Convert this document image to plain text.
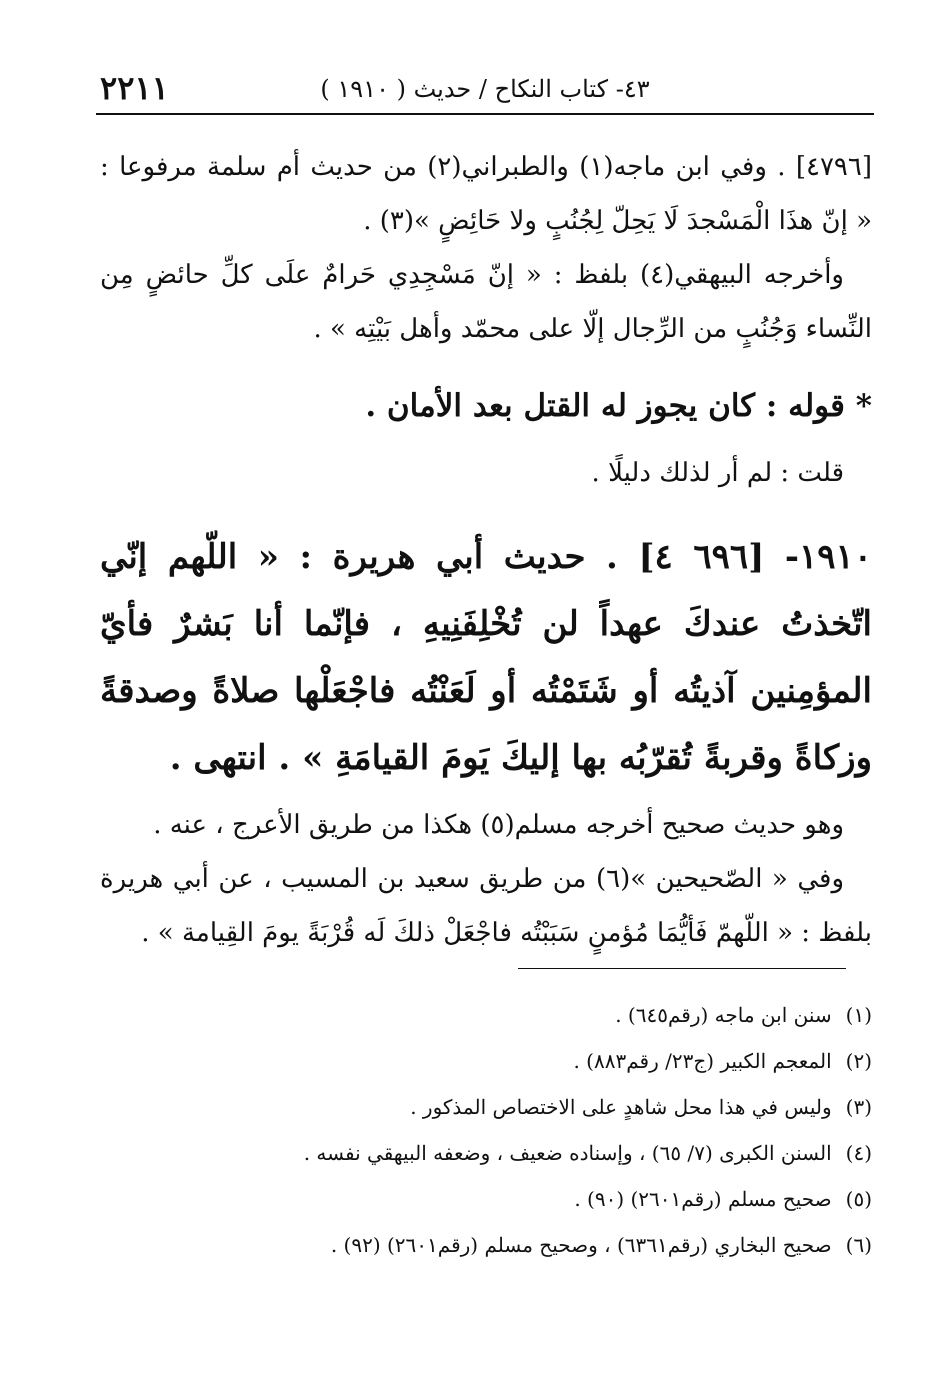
٤٣- كتاب النكاح / حديث ( ١٩١٠ )
٢٢١١

[٤٧٩٦] . وفي ابن ماجه(١) والطبراني(٢) من حديث أم سلمة مرفوعا : « إنّ هذَا الْمَسْجدَ لَا يَحِلّ لِجُنُبٍ ولا حَائِضٍ »(٣) .

وأخرجه البيهقي(٤) بلفظ : « إنّ مَسْجِدِي حَرامٌ علَى كلِّ حائضٍ مِن النِّساء وَجُنُبٍ من الرِّجال إلّا على محمّد وأهل بَيْتِه » .

* قوله : كان يجوز له القتل بعد الأمان .

قلت : لم أر لذلك دليلًا .

١٩١٠- [٦٩٦ ٤] . حديث أبي هريرة : « اللّهم إنّي اتّخذتُ عندكَ عهداً لن تُخْلِفَنِيهِ ، فإنّما أنا بَشرٌ فأيّ المؤمِنين آذيتُه أو شَتَمْتُه أو لَعَنْتُه فاجْعَلْها صلاةً وصدقةً وزكاةً وقربةً تُقرّبُه بها إليكَ يَومَ القيامَةِ » . انتهى .

وهو حديث صحيح أخرجه مسلم(٥) هكذا من طريق الأعرج ، عنه .

وفي « الصّحيحين »(٦) من طريق سعيد بن المسيب ، عن أبي هريرة بلفظ : « اللّهمّ فَأيُّمَا مُؤمنٍ سَبَبْتُه فاجْعَلْ ذلكَ لَه قُرْبَةً يومَ القِيامة » .

(١) سنن ابن ماجه (رقم٦٤٥) .
(٢) المعجم الكبير (ج٢٣/ رقم٨٨٣) .
(٣) وليس في هذا محل شاهدٍ على الاختصاص المذكور .
(٤) السنن الكبرى (٧/ ٦٥) ، وإسناده ضعيف ، وضعفه البيهقي نفسه .
(٥) صحيح مسلم (رقم٢٦٠١) (٩٠) .
(٦) صحيح البخاري (رقم٦٣٦١) ، وصحيح مسلم (رقم٢٦٠١) (٩٢) .
